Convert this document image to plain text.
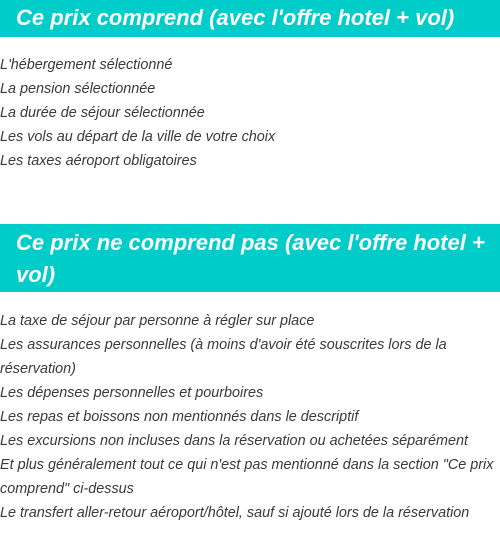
Ce prix comprend (avec l'offre hotel + vol)
L'hébergement sélectionné
La pension sélectionnée
La durée de séjour sélectionnée
Les vols au départ de la ville de votre choix
Les taxes aéroport obligatoires
Ce prix ne comprend pas (avec l'offre hotel + vol)
La taxe de séjour par personne à régler sur place
Les assurances personnelles (à moins d'avoir été souscrites lors de la réservation)
Les dépenses personnelles et pourboires
Les repas et boissons non mentionnés dans le descriptif
Les excursions non incluses dans la réservation ou achetées séparément
Et plus généralement tout ce qui n'est pas mentionné dans la section "Ce prix comprend" ci-dessus
Le transfert aller-retour aéroport/hôtel, sauf si ajouté lors de la réservation
